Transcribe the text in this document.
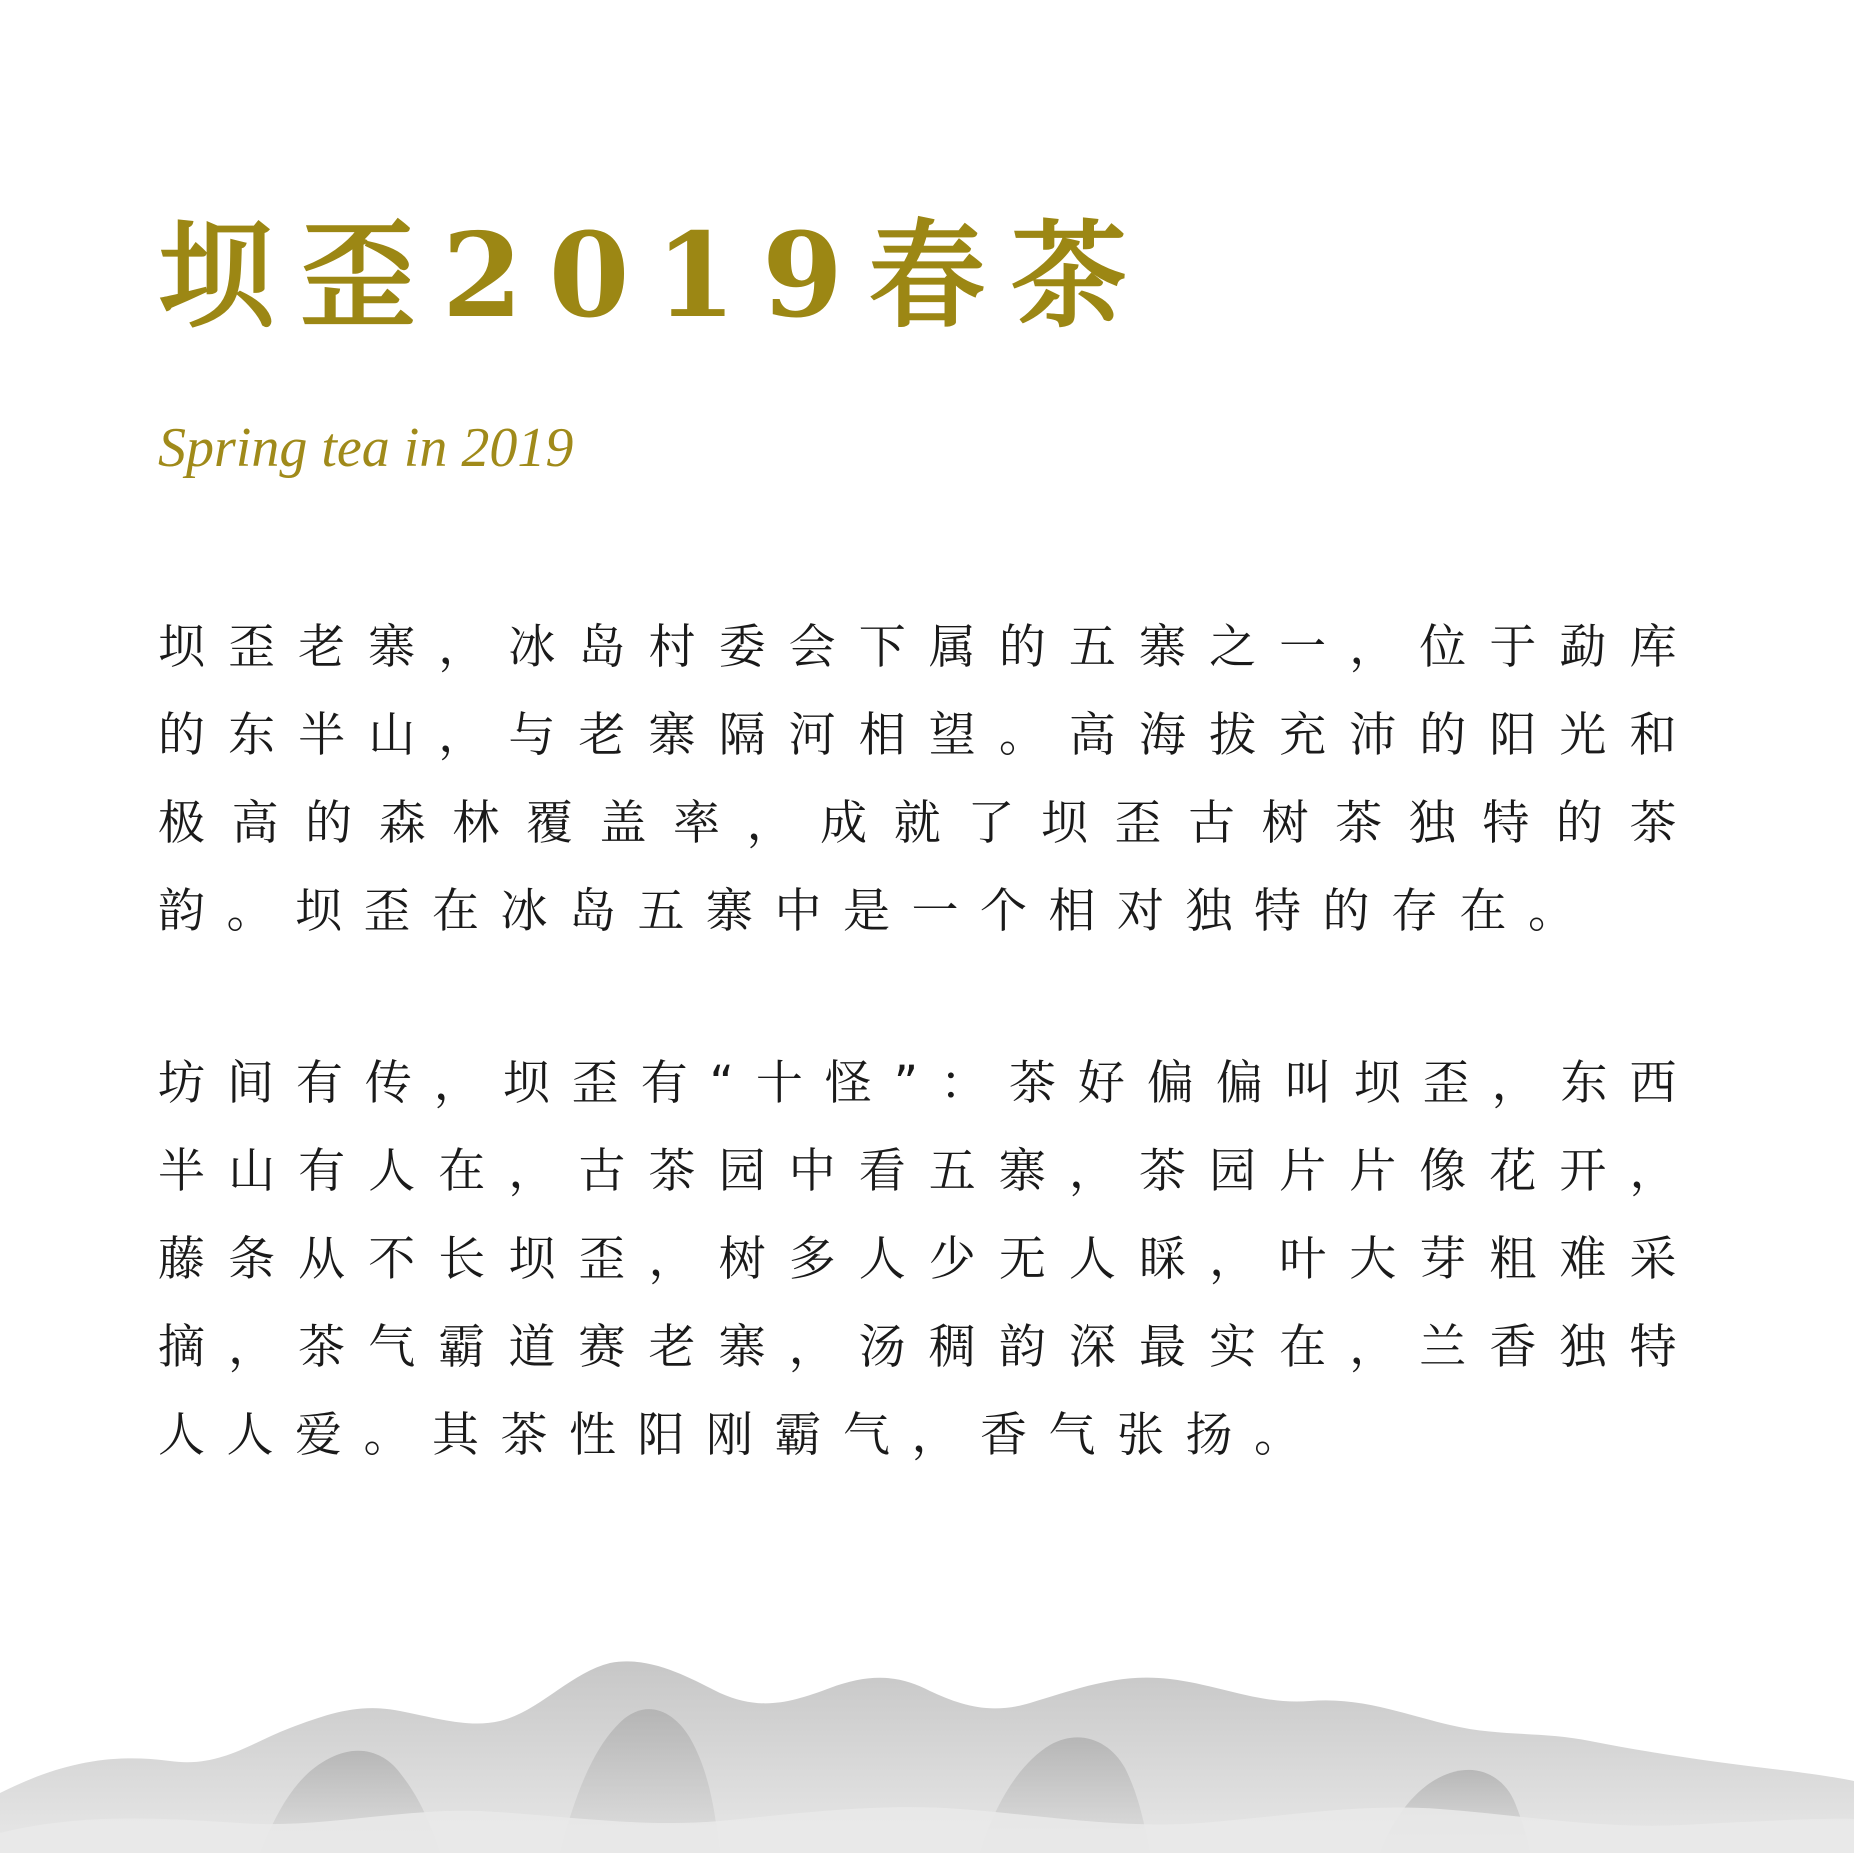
坝歪2019春茶

Spring tea in 2019

坝歪老寨，冰岛村委会下属的五寨之一，位于勐库的东半山，与老寨隔河相望。高海拔充沛的阳光和极高的森林覆盖率，成就了坝歪古树茶独特的茶韵。坝歪在冰岛五寨中是一个相对独特的存在。

坊间有传，坝歪有“十怪”：茶好偏偏叫坝歪，东西半山有人在，古茶园中看五寨，茶园片片像花开，藤条从不长坝歪，树多人少无人睬，叶大芽粗难采摘，茶气霸道赛老寨，汤稠韵深最实在，兰香独特人人爱。其茶性阳刚霸气，香气张扬。
